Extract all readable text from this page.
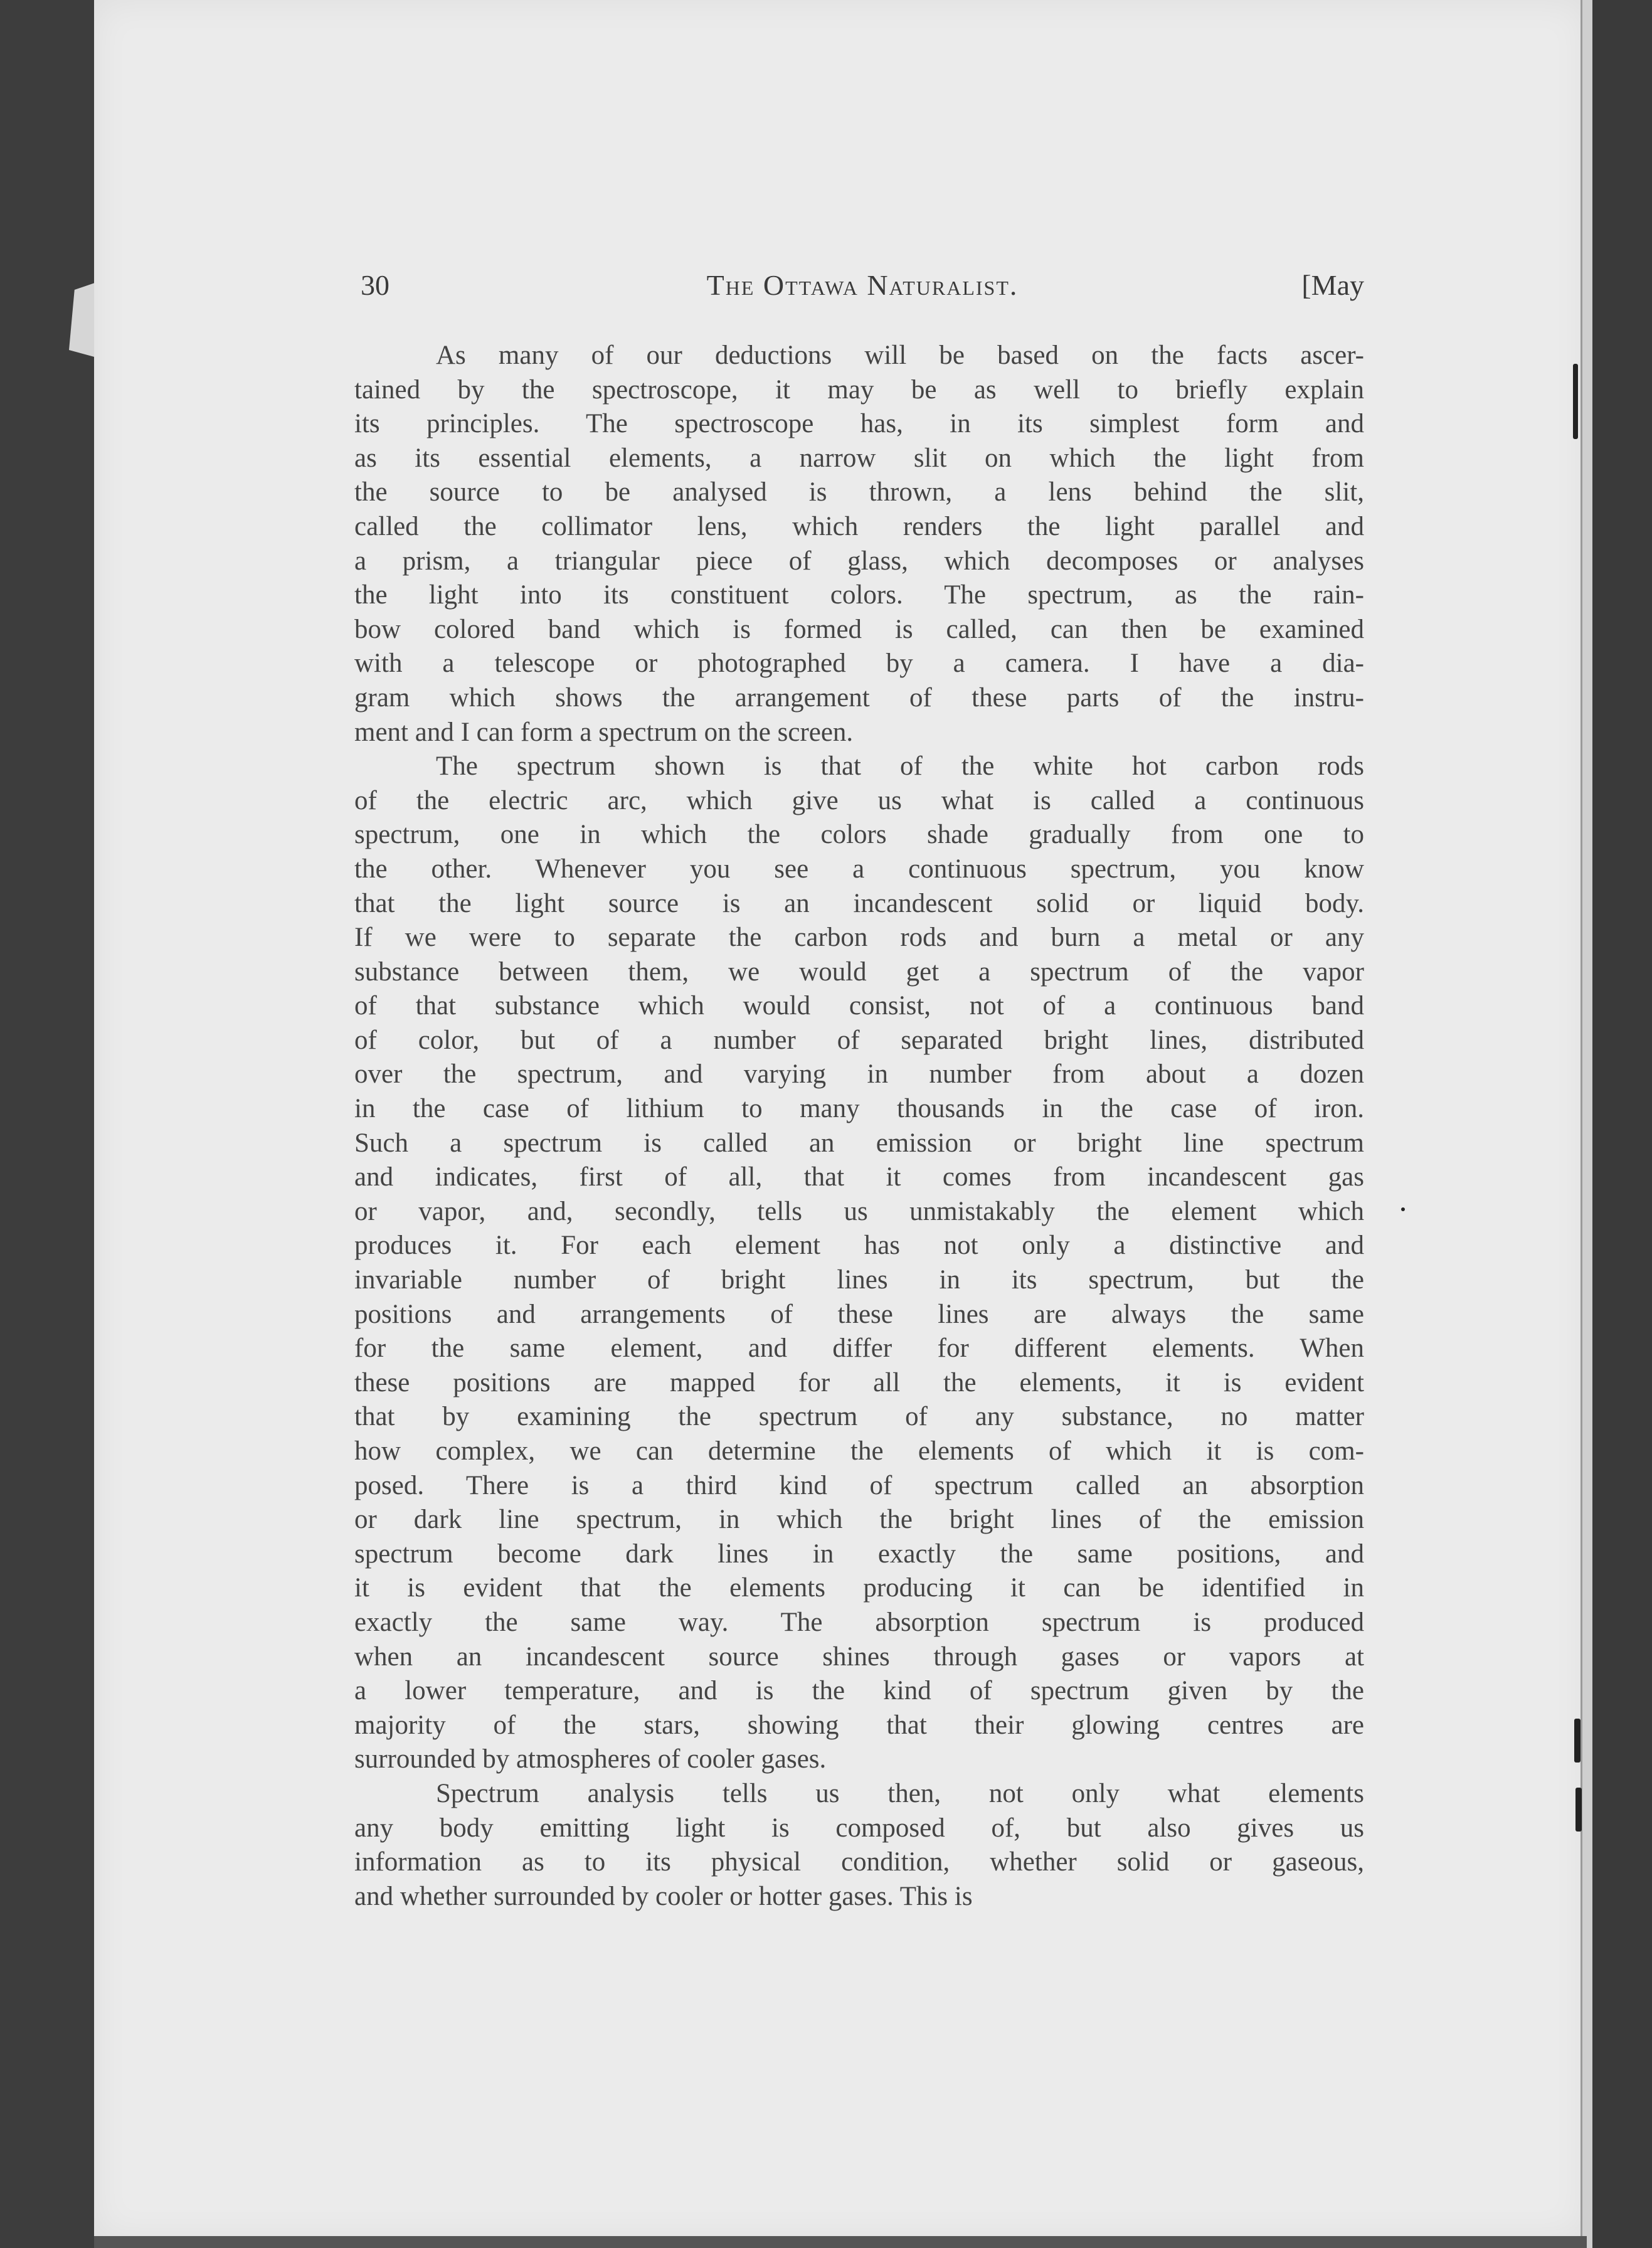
30	The Ottawa Naturalist.	[May
As many of our deductions will be based on the facts ascer-
tained by the spectroscope, it may be as well to briefly explain
its principles. The spectroscope has, in its simplest form and
as its essential elements, a narrow slit on which the light from
the source to be analysed is thrown, a lens behind the slit,
called the collimator lens, which renders the light parallel and
a prism, a triangular piece of glass, which decomposes or analyses
the light into its constituent colors. The spectrum, as the rain-
bow colored band which is formed is called, can then be examined
with a telescope or photographed by a camera. I have a dia-
gram which shows the arrangement of these parts of the instru-
ment and I can form a spectrum on the screen.
The spectrum shown is that of the white hot carbon rods
of the electric arc, which give us what is called a continuous
spectrum, one in which the colors shade gradually from one to
the other. Whenever you see a continuous spectrum, you know
that the light source is an incandescent solid or liquid body.
If we were to separate the carbon rods and burn a metal or any
substance between them, we would get a spectrum of the vapor
of that substance which would consist, not of a continuous band
of color, but of a number of separated bright lines, distributed
over the spectrum, and varying in number from about a dozen
in the case of lithium to many thousands in the case of iron.
Such a spectrum is called an emission or bright line spectrum
and indicates, first of all, that it comes from incandescent gas
or vapor, and, secondly, tells us unmistakably the element which
produces it. For each element has not only a distinctive and
invariable number of bright lines in its spectrum, but the
positions and arrangements of these lines are always the same
for the same element, and differ for different elements. When
these positions are mapped for all the elements, it is evident
that by examining the spectrum of any substance, no matter
how complex, we can determine the elements of which it is com-
posed. There is a third kind of spectrum called an absorption
or dark line spectrum, in which the bright lines of the emission
spectrum become dark lines in exactly the same positions, and
it is evident that the elements producing it can be identified in
exactly the same way. The absorption spectrum is produced
when an incandescent source shines through gases or vapors at
a lower temperature, and is the kind of spectrum given by the
majority of the stars, showing that their glowing centres are
surrounded by atmospheres of cooler gases.
Spectrum analysis tells us then, not only what elements
any body emitting light is composed of, but also gives us
information as to its physical condition, whether solid or gaseous,
and whether surrounded by cooler or hotter gases. This is
